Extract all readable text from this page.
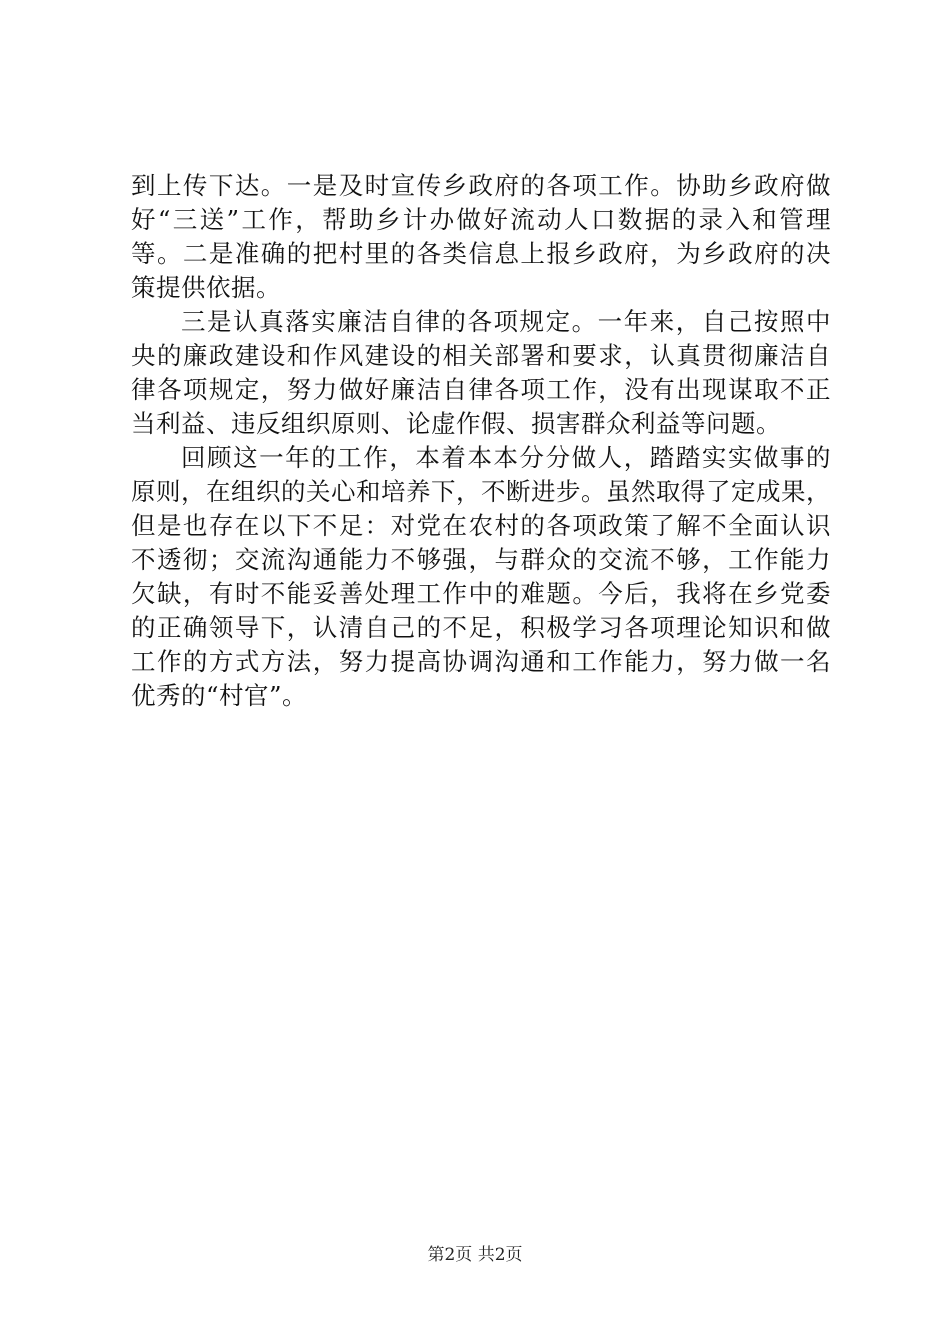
到上传下达。一是及时宣传乡政府的各项工作。协助乡政府做
好“三送”工作，帮助乡计办做好流动人口数据的录入和管理
等。二是准确的把村里的各类信息上报乡政府，为乡政府的决
策提供依据。
三是认真落实廉洁自律的各项规定。一年来，自己按照中
央的廉政建设和作风建设的相关部署和要求，认真贯彻廉洁自
律各项规定，努力做好廉洁自律各项工作，没有出现谋取不正
当利益、违反组织原则、论虚作假、损害群众利益等问题。
回顾这一年的工作，本着本本分分做人，踏踏实实做事的
原则，在组织的关心和培养下，不断进步。虽然取得了定成果，
但是也存在以下不足：对党在农村的各项政策了解不全面认识
不透彻；交流沟通能力不够强，与群众的交流不够，工作能力
欠缺，有时不能妥善处理工作中的难题。今后，我将在乡党委
的正确领导下，认清自己的不足，积极学习各项理论知识和做
工作的方式方法，努力提高协调沟通和工作能力，努力做一名
优秀的“村官”。
第2页 共2页
